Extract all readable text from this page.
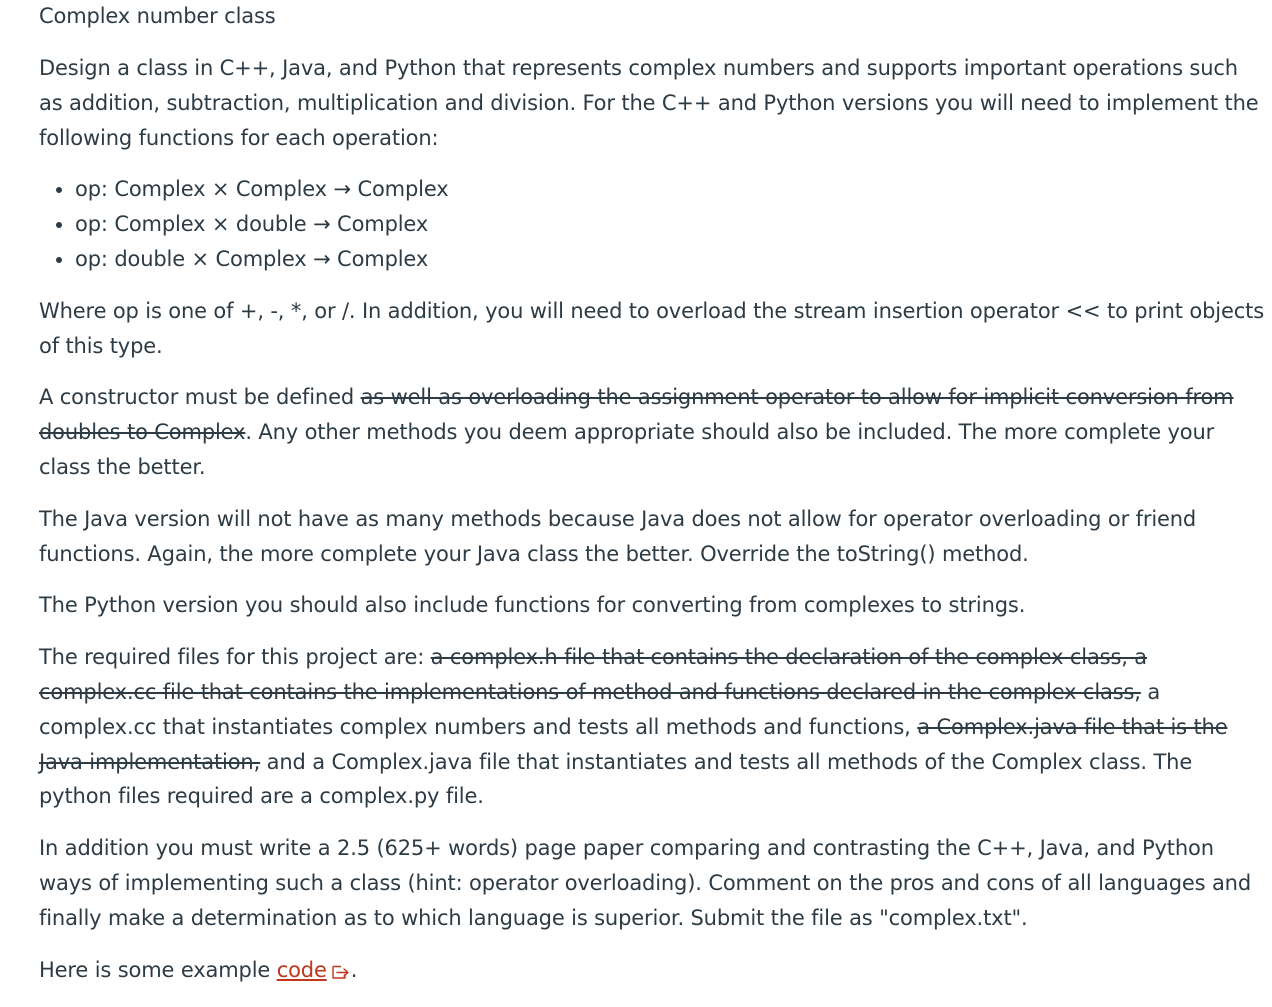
Complex number class

Design a class in C++, Java, and Python that represents complex numbers and supports important operations such as addition, subtraction, multiplication and division. For the C++ and Python versions you will need to implement the following functions for each operation:

• op: Complex × Complex → Complex
• op: Complex × double → Complex
• op: double × Complex → Complex

Where op is one of +, -, *, or /. In addition, you will need to overload the stream insertion operator << to print objects of this type.

A constructor must be defined as well as overloading the assignment operator to allow for implicit conversion from doubles to Complex. Any other methods you deem appropriate should also be included. The more complete your class the better.

The Java version will not have as many methods because Java does not allow for operator overloading or friend functions. Again, the more complete your Java class the better. Override the toString() method.

The Python version you should also include functions for converting from complexes to strings.

The required files for this project are: a complex.h file that contains the declaration of the complex class, a complex.cc file that contains the implementations of method and functions declared in the complex class, a complex.cc that instantiates complex numbers and tests all methods and functions, a Complex.java file that is the Java implementation, and a Complex.java file that instantiates and tests all methods of the Complex class. The python files required are a complex.py file.

In addition you must write a 2.5 (625+ words) page paper comparing and contrasting the C++, Java, and Python ways of implementing such a class (hint: operator overloading). Comment on the pros and cons of all languages and finally make a determination as to which language is superior. Submit the file as "complex.txt".

Here is some example code .
